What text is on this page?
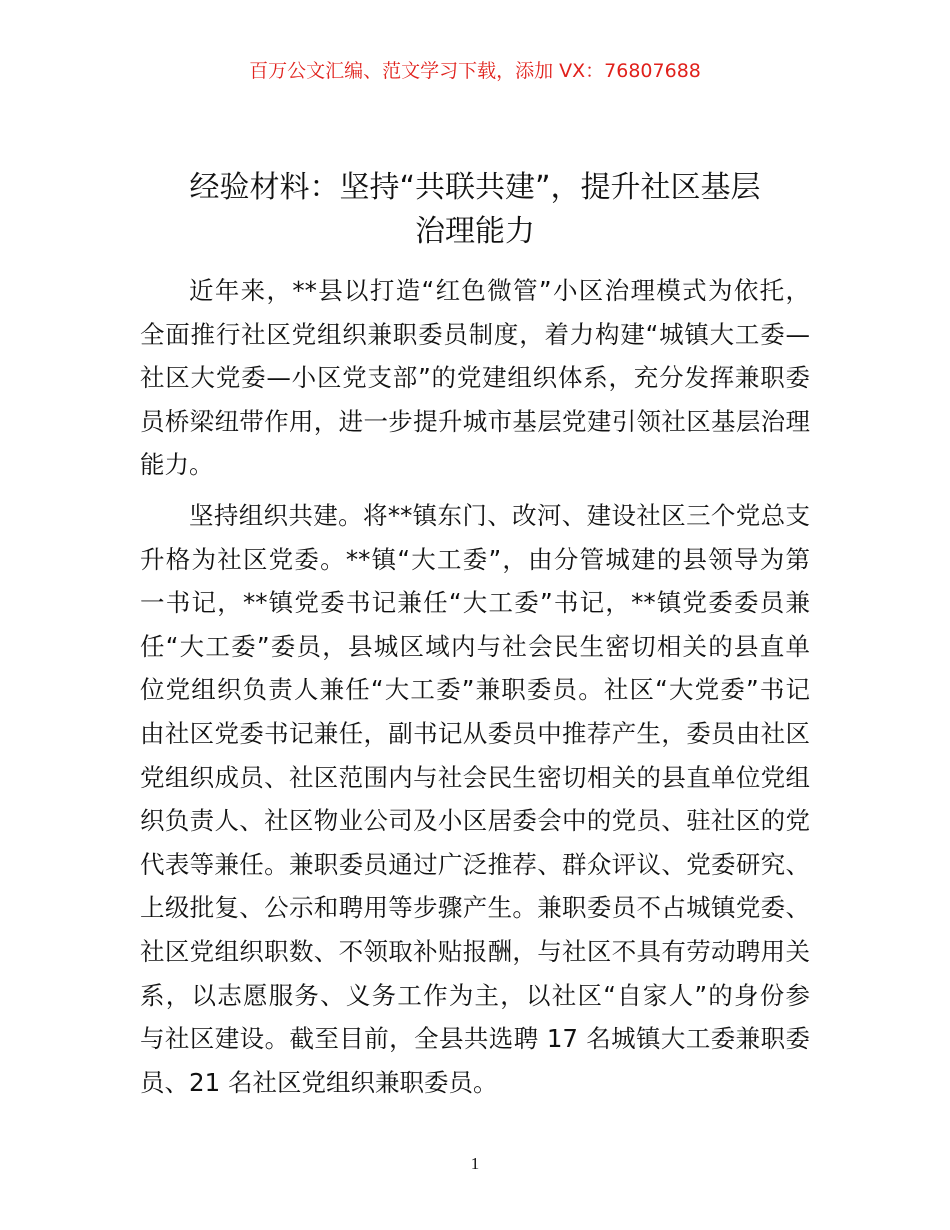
百万公文汇编、范文学习下载，添加 VX：76807688
经验材料：坚持“共联共建”，提升社区基层
治理能力
近年来，**县以打造“红色微管”小区治理模式为依托，
全面推行社区党组织兼职委员制度，着力构建“城镇大工委—
社区大党委—小区党支部”的党建组织体系，充分发挥兼职委
员桥梁纽带作用，进一步提升城市基层党建引领社区基层治理
能力。
坚持组织共建。将**镇东门、改河、建设社区三个党总支
升格为社区党委。**镇“大工委”，由分管城建的县领导为第
一书记，**镇党委书记兼任“大工委”书记，**镇党委委员兼
任“大工委”委员，县城区域内与社会民生密切相关的县直单
位党组织负责人兼任“大工委”兼职委员。社区“大党委”书记
由社区党委书记兼任，副书记从委员中推荐产生，委员由社区
党组织成员、社区范围内与社会民生密切相关的县直单位党组
织负责人、社区物业公司及小区居委会中的党员、驻社区的党
代表等兼任。兼职委员通过广泛推荐、群众评议、党委研究、
上级批复、公示和聘用等步骤产生。兼职委员不占城镇党委、
社区党组织职数、不领取补贴报酬，与社区不具有劳动聘用关
系，以志愿服务、义务工作为主，以社区“自家人”的身份参
与社区建设。截至目前，全县共选聘 17 名城镇大工委兼职委
员、21 名社区党组织兼职委员。
1
